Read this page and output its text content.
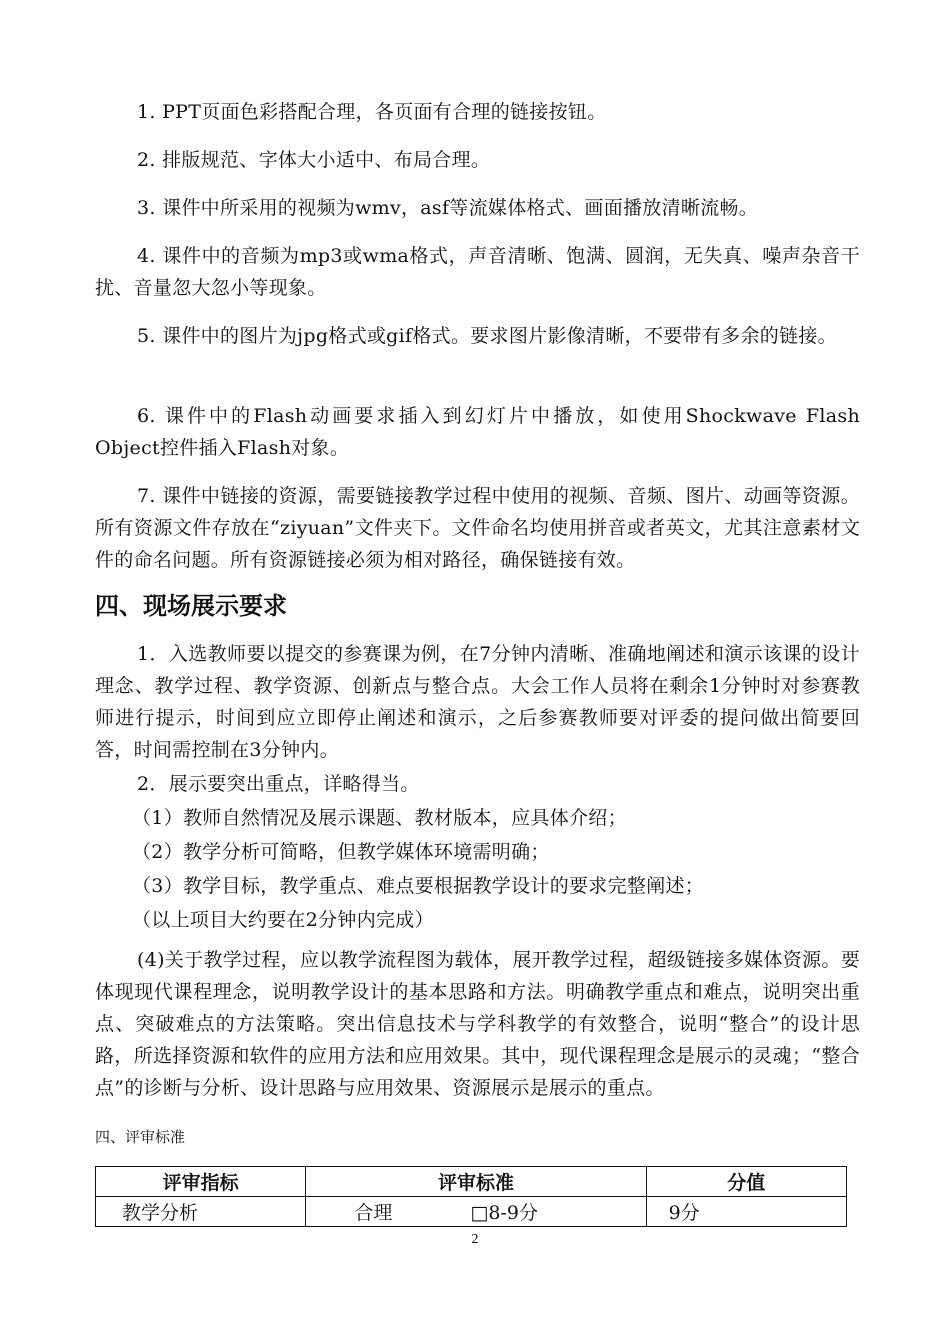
1. PPT页面色彩搭配合理，各页面有合理的链接按钮。

2. 排版规范、字体大小适中、布局合理。

3. 课件中所采用的视频为wmv，asf等流媒体格式、画面播放清晰流畅。

4. 课件中的音频为mp3或wma格式，声音清晰、饱满、圆润，无失真、噪声杂音干扰、音量忽大忽小等现象。

5. 课件中的图片为jpg格式或gif格式。要求图片影像清晰，不要带有多余的链接。

6. 课件中的Flash动画要求插入到幻灯片中播放，如使用Shockwave Flash Object控件插入Flash对象。

7. 课件中链接的资源，需要链接教学过程中使用的视频、音频、图片、动画等资源。所有资源文件存放在“ziyuan”文件夹下。文件命名均使用拼音或者英文，尤其注意素材文件的命名问题。所有资源链接必须为相对路径，确保链接有效。

四、现场展示要求

1．入选教师要以提交的参赛课为例，在7分钟内清晰、准确地阐述和演示该课的设计理念、教学过程、教学资源、创新点与整合点。大会工作人员将在剩余1分钟时对参赛教师进行提示，时间到应立即停止阐述和演示，之后参赛教师要对评委的提问做出简要回答，时间需控制在3分钟内。

2．展示要突出重点，详略得当。

（1）教师自然情况及展示课题、教材版本，应具体介绍；

（2）教学分析可简略，但教学媒体环境需明确；

（3）教学目标，教学重点、难点要根据教学设计的要求完整阐述；

（以上项目大约要在2分钟内完成）

(4)关于教学过程，应以教学流程图为载体，展开教学过程，超级链接多媒体资源。要体现现代课程理念，说明教学设计的基本思路和方法。明确教学重点和难点，说明突出重点、突破难点的方法策略。突出信息技术与学科教学的有效整合，说明“整合”的设计思路，所选择资源和软件的应用方法和应用效果。其中，现代课程理念是展示的灵魂；“整合点”的诊断与分析、设计思路与应用效果、资源展示是展示的重点。

四、评审标准

评审指标	评审标准	分值
教学分析	合理 □8-9分	9分
2
